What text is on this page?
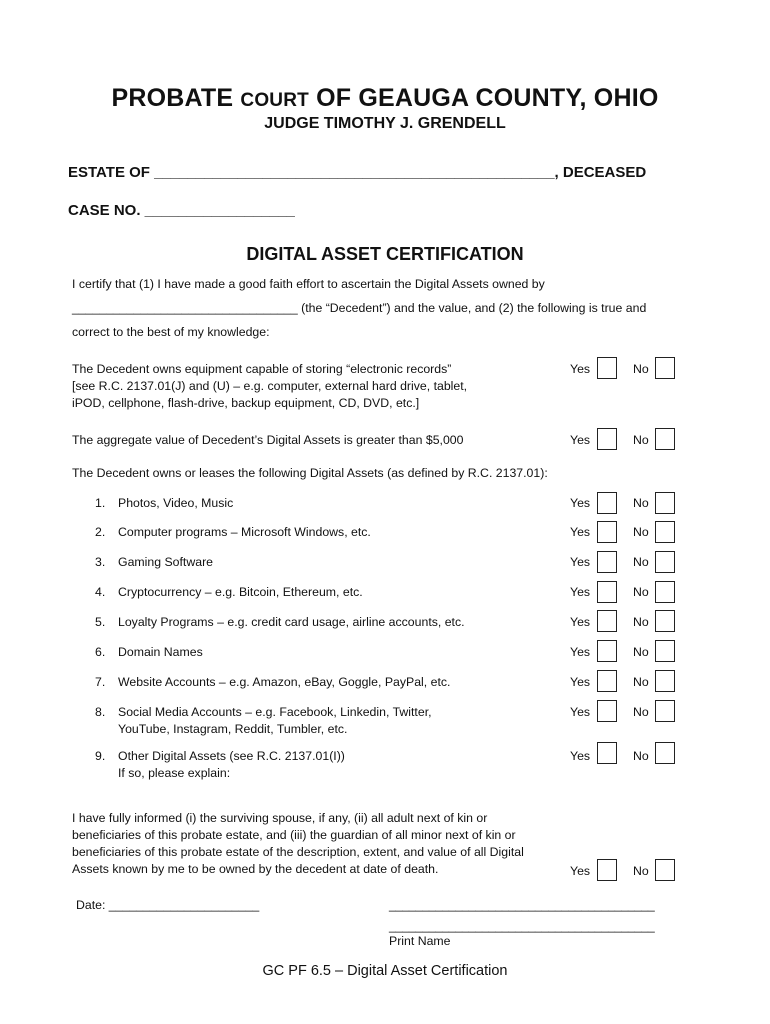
PROBATE COURT OF GEAUGA COUNTY, OHIO
JUDGE TIMOTHY J. GRENDELL
ESTATE OF ________________________________________________, DECEASED
CASE NO. __________________
DIGITAL ASSET CERTIFICATION
I certify that (1) I have made a good faith effort to ascertain the Digital Assets owned by
_________________________________ (the “Decedent”) and the value, and (2) the following is true and
correct to the best of my knowledge:
The Decedent owns equipment capable of storing “electronic records”
[see R.C. 2137.01(J) and (U) – e.g. computer, external hard drive, tablet,
iPOD, cellphone, flash-drive, backup equipment, CD, DVD, etc.]
Yes	No
The aggregate value of Decedent’s Digital Assets is greater than $5,000	Yes	No
The Decedent owns or leases the following Digital Assets (as defined by R.C. 2137.01):
1. Photos, Video, Music	Yes	No
2. Computer programs – Microsoft Windows, etc.	Yes	No
3. Gaming Software	Yes	No
4. Cryptocurrency – e.g. Bitcoin, Ethereum, etc.	Yes	No
5. Loyalty Programs – e.g. credit card usage, airline accounts, etc.	Yes	No
6. Domain Names	Yes	No
7. Website Accounts – e.g. Amazon, eBay, Goggle, PayPal, etc.	Yes	No
8. Social Media Accounts – e.g. Facebook, Linkedin, Twitter,
YouTube, Instagram, Reddit, Tumbler, etc.
Yes	No
9. Other Digital Assets (see R.C. 2137.01(I))
If so, please explain:
Yes	No
I have fully informed (i) the surviving spouse, if any, (ii) all adult next of kin or
beneficiaries of this probate estate, and (iii) the guardian of all minor next of kin or
beneficiaries of this probate estate of the description, extent, and value of all Digital
Assets known by me to be owned by the decedent at date of death.	Yes	No
Date: ______________________	________________________________________
________________________________________
Print Name
GC PF 6.5 – Digital Asset Certification
